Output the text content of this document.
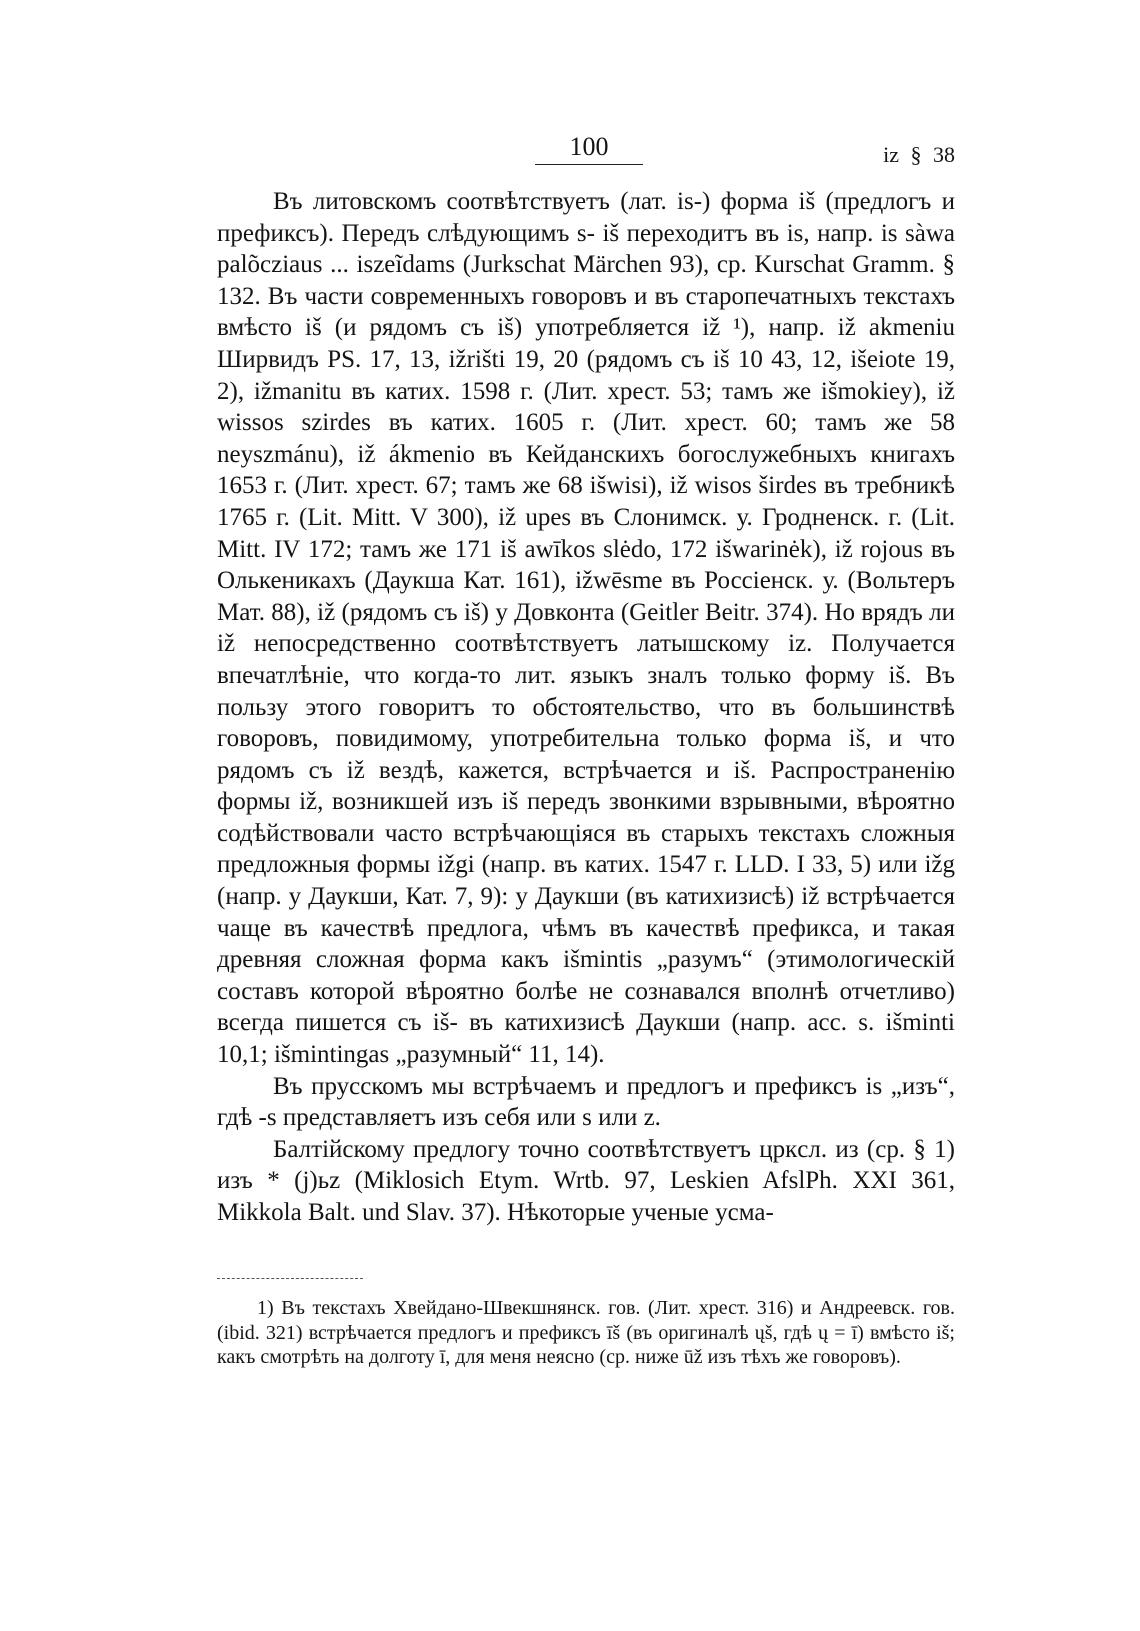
100	iz § 38

Въ литовскомъ соотвѣтствуетъ (лат. is-) форма iš (предлогъ и префиксъ). Передъ слѣдующимъ s- iš переходитъ въ is, напр. is sàwa palõcziaus ... iszeĩdams (Jurkschat Märchen 93), ср. Kurschat Gramm. § 132. Въ части современныхъ говоровъ и въ старопечатныхъ текстахъ вмѣсто iš (и рядомъ съ iš) употребляется iž ¹), напр. iž akmeniu Ширвидъ PS. 17, 13, ižrišti 19, 20 (рядомъ съ iš 10 43, 12, išeiote 19, 2), ižmanitu въ катих. 1598 г. (Лит. хрест. 53; тамъ же išmokiey), iž wissos szirdes въ катих. 1605 г. (Лит. хрест. 60; тамъ же 58 neyszmánu), iž ákmenio въ Кейданскихъ богослужебныхъ книгахъ 1653 г. (Лит. хрест. 67; тамъ же 68 išwisi), iž wisos širdes въ требникѣ 1765 г. (Lit. Mitt. V 300), iž upes въ Слонимск. у. Гродненск. г. (Lit. Mitt. IV 172; тамъ же 171 iš awīkos slėdo, 172 išwarinėk), iž rojous въ Олькеникахъ (Даукша Кат. 161), ižwēsme въ Россiенск. у. (Вольтеръ Мат. 88), iž (рядомъ съ iš) у Довконта (Geitler Beitr. 374). Но врядъ ли iž непосредственно соотвѣтствуетъ латышскому iz. Получается впечатлѣнie, что когда-то лит. языкъ зналъ только форму iš. Въ пользу этого говоритъ то обстоятельство, что въ большинствѣ говоровъ, повидимому, употребительна только форма iš, и что рядомъ съ iž вездѣ, кажется, встрѣчается и iš. Распространенiю формы iž, возникшей изъ iš передъ звонкими взрывными, вѣроятно содѣйствовали часто встрѣчающiяся въ старыхъ текстахъ сложныя предложныя формы ižgi (напр. въ катих. 1547 г. LLD. I 33, 5) или ižg (напр. у Даукши, Кат. 7, 9): у Даукши (въ катихизисѣ) iž встрѣчается чаще въ качествѣ предлога, чѣмъ въ качествѣ префикса, и такая древняя сложная форма какъ išmintis „разумъ“ (этимологическiй составъ которой вѣроятно болѣе не сознавался вполнѣ отчетливо) всегда пишется съ iš- въ катихизисѣ Даукши (напр. acc. s. išminti 10,1; išmintingas „разумный“ 11, 14).

Въ прусскомъ мы встрѣчаемъ и предлогъ и префиксъ is „изъ“, гдѣ -s представляетъ изъ себя или s или z.

Балтiйскому предлогу точно соотвѣтствуетъ цркcл. из (ср. § 1) изъ * (j)ьz (Miklosich Etym. Wrtb. 97, Leskien AfslPh. XXI 361, Mikkola Balt. und Slav. 37). Нѣкоторые ученые усма-

1) Въ текстахъ Хвейдано-Швекшнянск. гов. (Лит. хрест. 316) и Андреевск. гов. (ibid. 321) встрѣчается предлогъ и префиксъ īš (въ оригиналѣ ųš, гдѣ ų = ī) вмѣсто iš; какъ смотрѣть на долготу ī, для меня неясно (ср. ниже ūž изъ тѣхъ же говоровъ).
